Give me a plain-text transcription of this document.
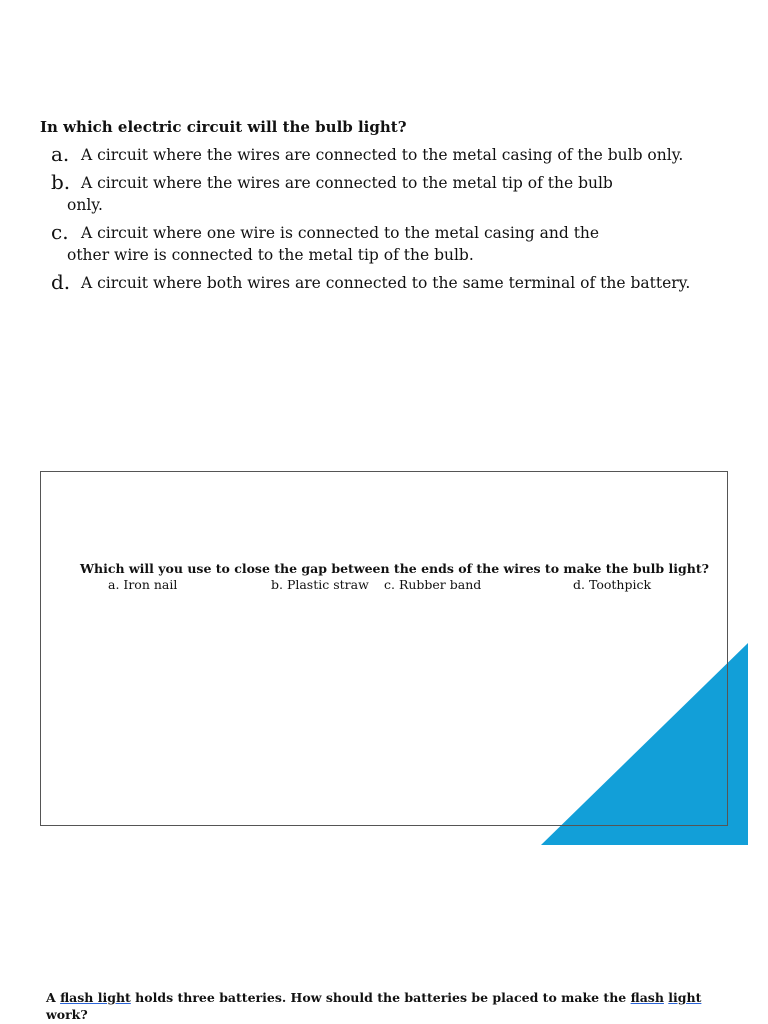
In which electric circuit will the bulb light?

a. A circuit where the wires are connected to the metal casing of the bulb only.
b. A circuit where the wires are connected to the metal tip of the bulb
only.
c. A circuit where one wire is connected to the metal casing and the
other wire is connected to the metal tip of the bulb.
d. A circuit where both wires are connected to the same terminal of the battery.
Which will you use to close the gap between the ends of the wires to make the bulb light?
a. Iron nail	b. Plastic straw c. Rubber band	d. Toothpick
A flash light holds three batteries. How should the batteries be placed to make the flash light work?
